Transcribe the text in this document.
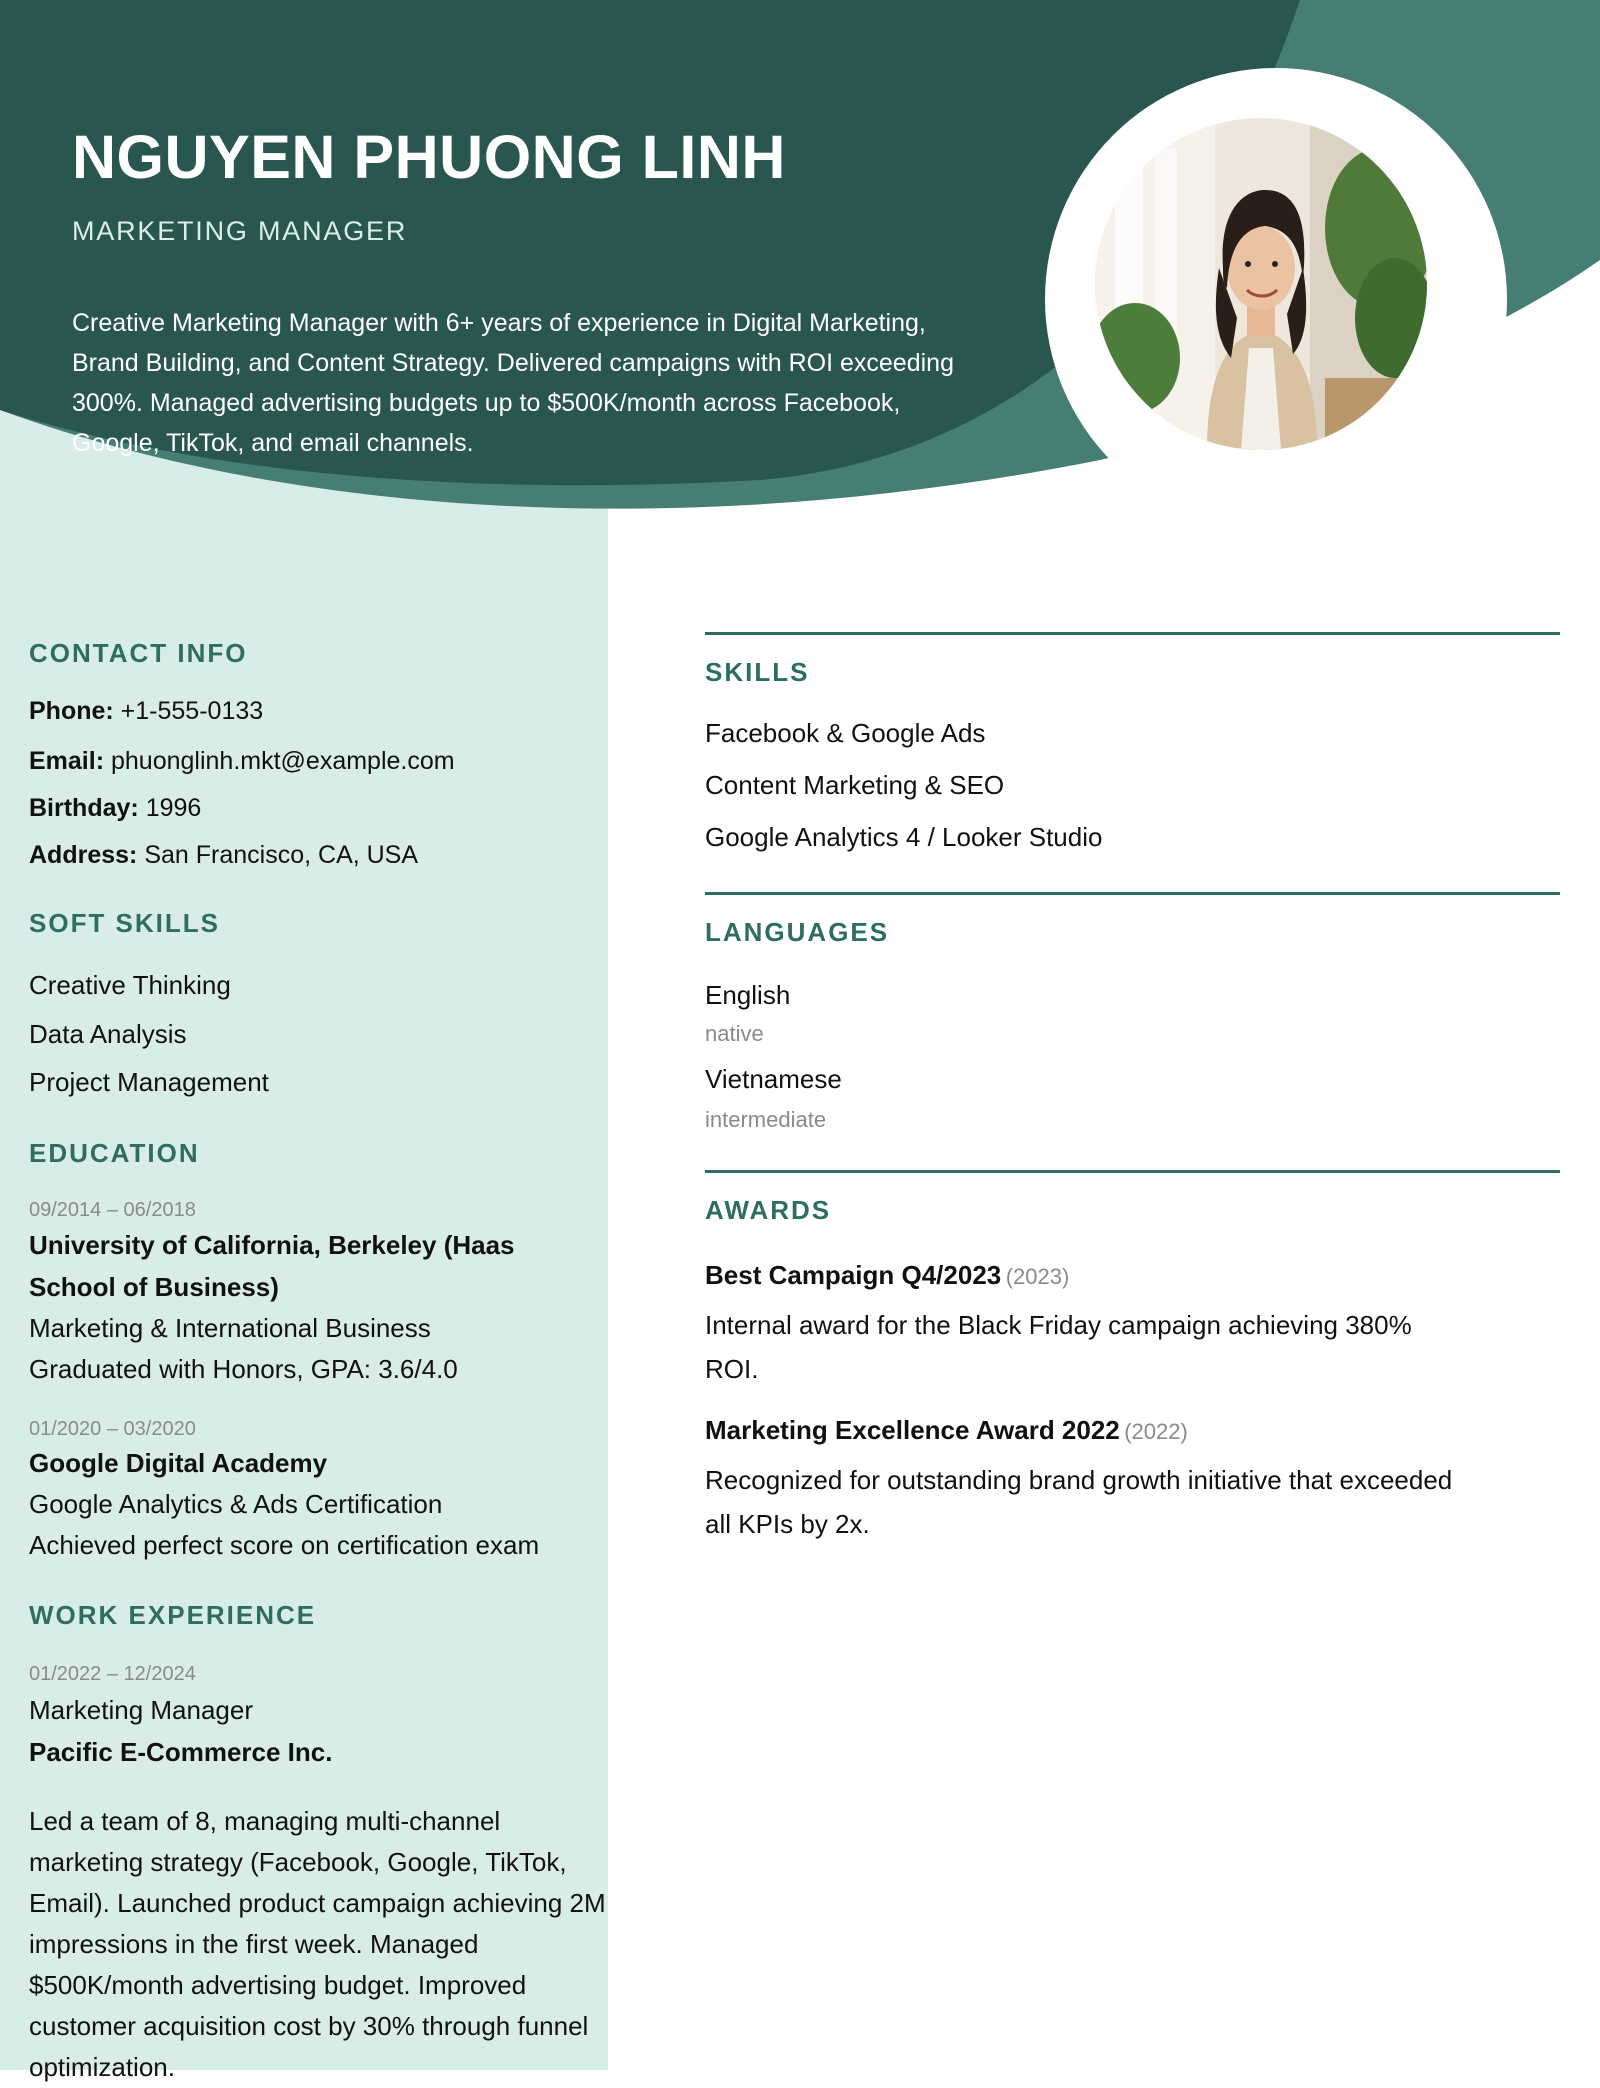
NGUYEN PHUONG LINH
MARKETING MANAGER
Creative Marketing Manager with 6+ years of experience in Digital Marketing, Brand Building, and Content Strategy. Delivered campaigns with ROI exceeding 300%. Managed advertising budgets up to $500K/month across Facebook, Google, TikTok, and email channels.
CONTACT INFO
Phone: +1-555-0133
Email: phuonglinh.mkt@example.com
Birthday: 1996
Address: San Francisco, CA, USA
SOFT SKILLS
Creative Thinking
Data Analysis
Project Management
EDUCATION
09/2014 – 06/2018
University of California, Berkeley (Haas
School of Business)
Marketing & International Business
Graduated with Honors, GPA: 3.6/4.0
01/2020 – 03/2020
Google Digital Academy
Google Analytics & Ads Certification
Achieved perfect score on certification exam
WORK EXPERIENCE
01/2022 – 12/2024
Marketing Manager
Pacific E-Commerce Inc.
Led a team of 8, managing multi-channel
marketing strategy (Facebook, Google, TikTok,
Email). Launched product campaign achieving 2M
impressions in the first week. Managed
$500K/month advertising budget. Improved
customer acquisition cost by 30% through funnel
optimization.
SKILLS
Facebook & Google Ads
Content Marketing & SEO
Google Analytics 4 / Looker Studio
LANGUAGES
English
native
Vietnamese
intermediate
AWARDS
Best Campaign Q4/2023 (2023)
Internal award for the Black Friday campaign achieving 380%
ROI.
Marketing Excellence Award 2022 (2022)
Recognized for outstanding brand growth initiative that exceeded
all KPIs by 2x.
